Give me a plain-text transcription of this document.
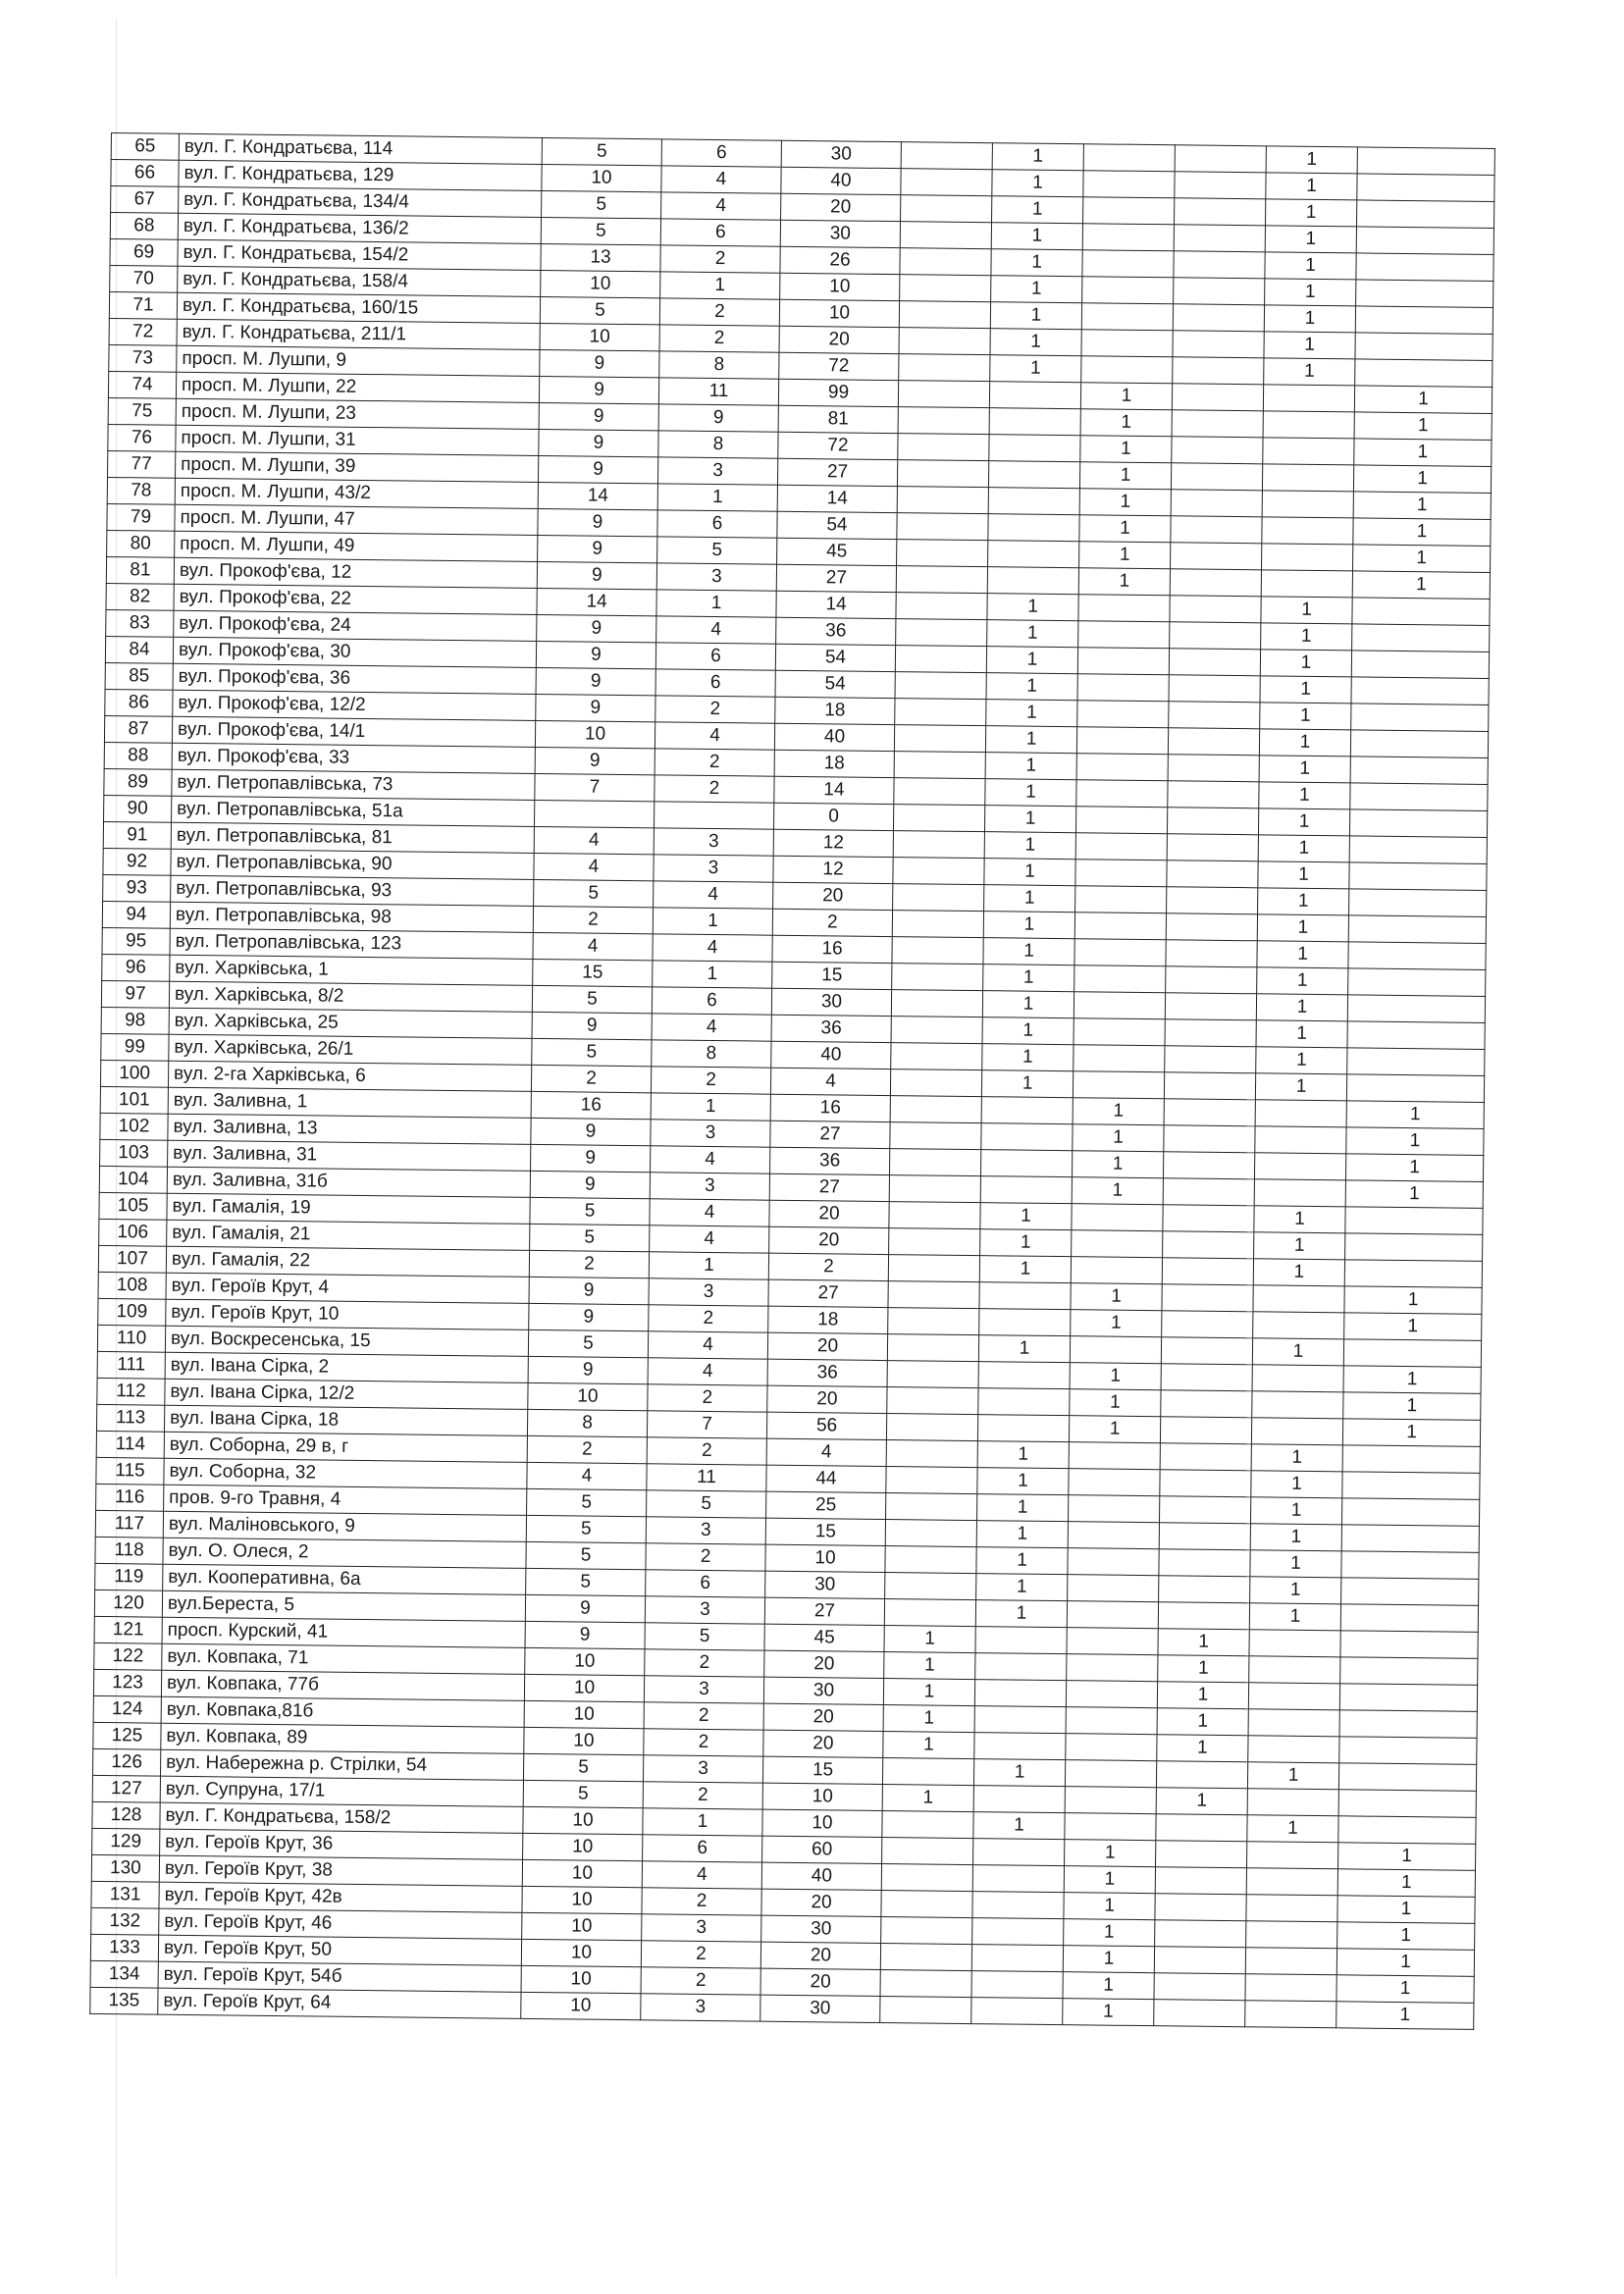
65	вул. Г. Кондратьєва, 114	5	6	30		1			1	
66	вул. Г. Кондратьєва, 129	10	4	40		1			1	
67	вул. Г. Кондратьєва, 134/4	5	4	20		1			1	
68	вул. Г. Кондратьєва, 136/2	5	6	30		1			1	
69	вул. Г. Кондратьєва, 154/2	13	2	26		1			1	
70	вул. Г. Кондратьєва, 158/4	10	1	10		1			1	
71	вул. Г. Кондратьєва, 160/15	5	2	10		1			1	
72	вул. Г. Кондратьєва, 211/1	10	2	20		1			1	
73	просп. М. Лушпи, 9	9	8	72		1			1	
74	просп. М. Лушпи, 22	9	11	99			1			1
75	просп. М. Лушпи, 23	9	9	81			1			1
76	просп. М. Лушпи, 31	9	8	72			1			1
77	просп. М. Лушпи, 39	9	3	27			1			1
78	просп. М. Лушпи, 43/2	14	1	14			1			1
79	просп. М. Лушпи, 47	9	6	54			1			1
80	просп. М. Лушпи, 49	9	5	45			1			1
81	вул. Прокоф'єва, 12	9	3	27			1			1
82	вул. Прокоф'єва, 22	14	1	14		1			1	
83	вул. Прокоф'єва, 24	9	4	36		1			1	
84	вул. Прокоф'єва, 30	9	6	54		1			1	
85	вул. Прокоф'єва, 36	9	6	54		1			1	
86	вул. Прокоф'єва, 12/2	9	2	18		1			1	
87	вул. Прокоф'єва, 14/1	10	4	40		1			1	
88	вул. Прокоф'єва, 33	9	2	18		1			1	
89	вул. Петропавлівська, 73	7	2	14		1			1	
90	вул. Петропавлівська, 51а			0		1			1	
91	вул. Петропавлівська, 81	4	3	12		1			1	
92	вул. Петропавлівська, 90	4	3	12		1			1	
93	вул. Петропавлівська, 93	5	4	20		1			1	
94	вул. Петропавлівська, 98	2	1	2		1			1	
95	вул. Петропавлівська, 123	4	4	16		1			1	
96	вул. Харківська, 1	15	1	15		1			1	
97	вул. Харківська, 8/2	5	6	30		1			1	
98	вул. Харківська, 25	9	4	36		1			1	
99	вул. Харківська, 26/1	5	8	40		1			1	
100	вул. 2-га Харківська, 6	2	2	4		1			1	
101	вул. Заливна, 1	16	1	16			1			1
102	вул. Заливна, 13	9	3	27			1			1
103	вул. Заливна, 31	9	4	36			1			1
104	вул. Заливна, 31б	9	3	27			1			1
105	вул. Гамалія, 19	5	4	20		1			1	
106	вул. Гамалія, 21	5	4	20		1			1	
107	вул. Гамалія, 22	2	1	2		1			1	
108	вул. Героїв Крут, 4	9	3	27			1			1
109	вул. Героїв Крут, 10	9	2	18			1			1
110	вул. Воскресенська, 15	5	4	20		1			1	
111	вул. Івана Сірка, 2	9	4	36			1			1
112	вул. Івана Сірка, 12/2	10	2	20			1			1
113	вул. Івана Сірка, 18	8	7	56			1			1
114	вул. Соборна, 29 в, г	2	2	4		1			1	
115	вул. Соборна, 32	4	11	44		1			1	
116	пров. 9-го Травня, 4	5	5	25		1			1	
117	вул. Маліновського, 9	5	3	15		1			1	
118	вул. О. Олеся, 2	5	2	10		1			1	
119	вул. Кооперативна, 6а	5	6	30		1			1	
120	вул.Береста, 5	9	3	27		1			1	
121	просп. Курский, 41	9	5	45	1			1		
122	вул. Ковпака, 71	10	2	20	1			1		
123	вул. Ковпака, 77б	10	3	30	1			1		
124	вул. Ковпака,81б	10	2	20	1			1		
125	вул. Ковпака, 89	10	2	20	1			1		
126	вул. Набережна р. Стрілки, 54	5	3	15		1			1	
127	вул. Супруна, 17/1	5	2	10	1			1		
128	вул. Г. Кондратьєва, 158/2	10	1	10		1			1	
129	вул. Героїв Крут, 36	10	6	60			1			1
130	вул. Героїв Крут, 38	10	4	40			1			1
131	вул. Героїв Крут, 42в	10	2	20			1			1
132	вул. Героїв Крут, 46	10	3	30			1			1
133	вул. Героїв Крут, 50	10	2	20			1			1
134	вул. Героїв Крут, 54б	10	2	20			1			1
135	вул. Героїв Крут, 64	10	3	30			1			1
